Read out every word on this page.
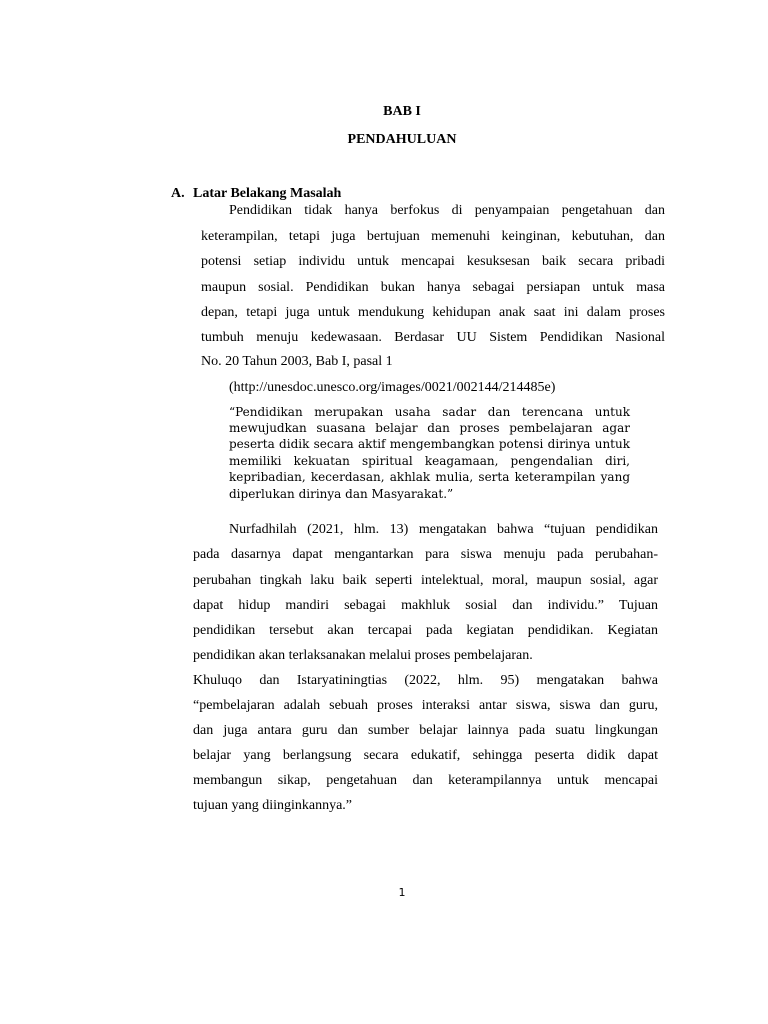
BAB I
PENDAHULUAN
A. Latar Belakang Masalah
Pendidikan tidak hanya berfokus di penyampaian pengetahuan dan
keterampilan, tetapi juga bertujuan memenuhi keinginan, kebutuhan, dan
potensi setiap individu untuk mencapai kesuksesan baik secara pribadi
maupun sosial. Pendidikan bukan hanya sebagai persiapan untuk masa
depan, tetapi juga untuk mendukung kehidupan anak saat ini dalam proses
tumbuh menuju kedewasaan. Berdasar UU Sistem Pendidikan Nasional
No. 20 Tahun 2003, Bab I, pasal 1
(http://unesdoc.unesco.org/images/0021/002144/214485e)
“Pendidikan merupakan usaha sadar dan terencana untuk
mewujudkan suasana belajar dan proses pembelajaran agar
peserta didik secara aktif mengembangkan potensi dirinya untuk
memiliki kekuatan spiritual keagamaan, pengendalian diri,
kepribadian, kecerdasan, akhlak mulia, serta keterampilan yang
diperlukan dirinya dan Masyarakat.”
Nurfadhilah (2021, hlm. 13) mengatakan bahwa “tujuan pendidikan
pada dasarnya dapat mengantarkan para siswa menuju pada perubahan-
perubahan tingkah laku baik seperti intelektual, moral, maupun sosial, agar
dapat hidup mandiri sebagai makhluk sosial dan individu.” Tujuan
pendidikan tersebut akan tercapai pada kegiatan pendidikan. Kegiatan
pendidikan akan terlaksanakan melalui proses pembelajaran.
Khuluqo dan Istaryatiningtias (2022, hlm. 95) mengatakan bahwa
“pembelajaran adalah sebuah proses interaksi antar siswa, siswa dan guru,
dan juga antara guru dan sumber belajar lainnya pada suatu lingkungan
belajar yang berlangsung secara edukatif, sehingga peserta didik dapat
membangun sikap, pengetahuan dan keterampilannya untuk mencapai
tujuan yang diinginkannya.”
1
